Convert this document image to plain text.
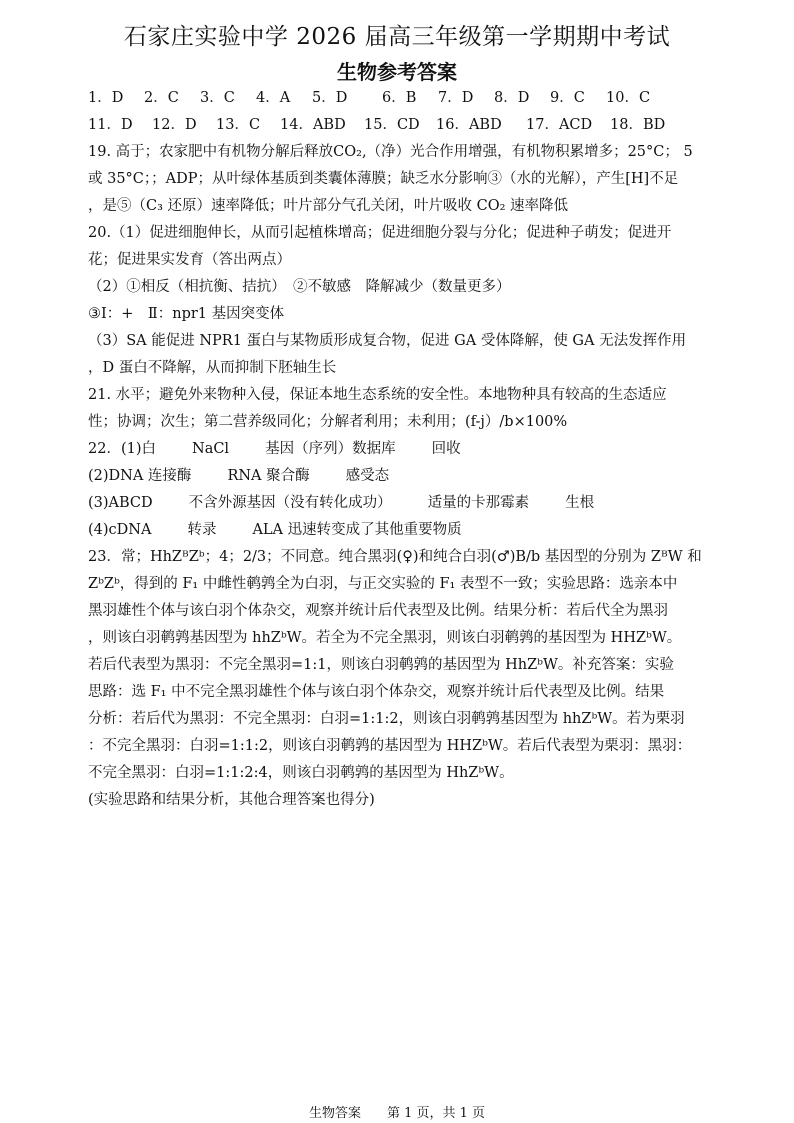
石家庄实验中学 2026 届高三年级第一学期期中考试
生物参考答案
1．D 2．C 3．C 4．A 5．D 6．B 7．D 8．D 9．C 10．C
11．D 12．D 13．C 14．ABD 15．CD 16．ABD 17．ACD 18．BD
19. 高于；农家肥中有机物分解后释放CO₂,（净）光合作用增强，有机物积累增多；25°C； 5
或 35°C；；ADP；从叶绿体基质到类囊体薄膜；缺乏水分影响③（水的光解），产生[H]不足
，是⑤（C₃ 还原）速率降低；叶片部分气孔关闭，叶片吸收 CO₂ 速率降低
20.（1）促进细胞伸长，从而引起植株增高；促进细胞分裂与分化；促进种子萌发；促进开
花；促进果实发育（答出两点）
（2）①相反（相抗衡、拮抗）　②不敏感　降解减少（数量更多）
③I：+　Ⅱ：npr1 基因突变体
（3）SA 能促进 NPR1 蛋白与某物质形成复合物，促进 GA 受体降解，使 GA 无法发挥作用
，D 蛋白不降解，从而抑制下胚轴生长
21. 水平；避免外来物种入侵，保证本地生态系统的安全性。本地物种具有较高的生态适应
性；协调；次生；第二营养级同化；分解者利用；未利用；(f-j）/b×100%
22．(1)白 NaCl 基因（序列）数据库 回收
(2)DNA 连接酶 RNA 聚合酶 感受态
(3)ABCD 不含外源基因（没有转化成功） 适量的卡那霉素 生根
(4)cDNA 转录 ALA 迅速转变成了其他重要物质
23．常；HhZᴮZᵇ；4；2/3；不同意。纯合黑羽(♀)和纯合白羽(♂)B/b 基因型的分别为 ZᴮW 和
ZᵇZᵇ，得到的 F₁ 中雌性鹌鹑全为白羽，与正交实验的 F₁ 表型不一致；实验思路：选亲本中
黑羽雄性个体与该白羽个体杂交，观察并统计后代表型及比例。结果分析：若后代全为黑羽
，则该白羽鹌鹑基因型为 hhZᵇW。若全为不完全黑羽，则该白羽鹌鹑的基因型为 HHZᵇW。
若后代表型为黑羽：不完全黑羽=1:1，则该白羽鹌鹑的基因型为 HhZᵇW。补充答案：实验
思路：选 F₁ 中不完全黑羽雄性个体与该白羽个体杂交，观察并统计后代表型及比例。结果
分析：若后代为黑羽：不完全黑羽：白羽=1:1:2，则该白羽鹌鹑基因型为 hhZᵇW。若为栗羽
：不完全黑羽：白羽=1:1:2，则该白羽鹌鹑的基因型为 HHZᵇW。若后代表型为栗羽：黑羽：
不完全黑羽：白羽=1:1:2:4，则该白羽鹌鹑的基因型为 HhZᵇW。
(实验思路和结果分析，其他合理答案也得分)
生物答案　　第 1 页，共 1 页
